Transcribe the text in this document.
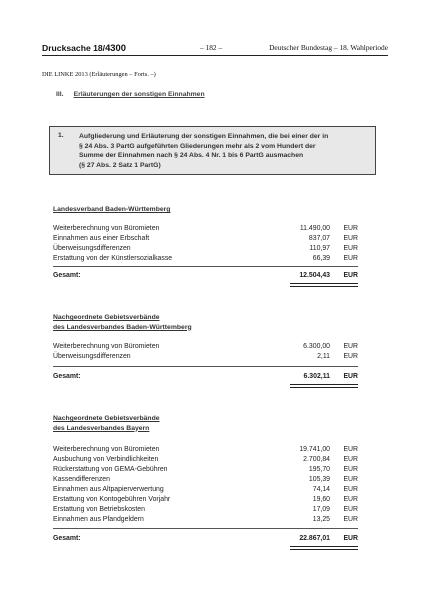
Drucksache 18/4300	– 182 –	Deutscher Bundestag – 18. Wahlperiode
DIE LINKE 2013 (Erläuterungen – Forts. –)
III. Erläuterungen der sonstigen Einnahmen
1. Aufgliederung und Erläuterung der sonstigen Einnahmen, die bei einer der in
§ 24 Abs. 3 PartG aufgeführten Gliederungen mehr als 2 vom Hundert der
Summe der Einnahmen nach § 24 Abs. 4 Nr. 1 bis 6 PartG ausmachen
(§ 27 Abs. 2 Satz 1 PartG)
Landesverband Baden-Württemberg
Weiterberechnung von Büromieten	11.490,00 EUR
Einnahmen aus einer Erbschaft	837,07 EUR
Überweisungsdifferenzen	110,97 EUR
Erstattung von der Künstlersozialkasse	66,39 EUR
Gesamt:	12.504,43 EUR
Nachgeordnete Gebietsverbände
des Landesverbandes Baden-Württemberg
Weiterberechnung von Büromieten	6.300,00 EUR
Überweisungsdifferenzen	2,11 EUR
Gesamt:	6.302,11 EUR
Nachgeordnete Gebietsverbände
des Landesverbandes Bayern
Weiterberechnung von Büromieten	19.741,00 EUR
Ausbuchung von Verbindlichkeiten	2.700,84 EUR
Rückerstattung von GEMA-Gebühren	195,70 EUR
Kassendifferenzen	105,39 EUR
Einnahmen aus Altpapierverwertung	74,14 EUR
Erstattung von Kontogebühren Vorjahr	19,60 EUR
Erstattung von Betriebskosten	17,09 EUR
Einnahmen aus Pfandgeldern	13,25 EUR
Gesamt:	22.867,01 EUR
